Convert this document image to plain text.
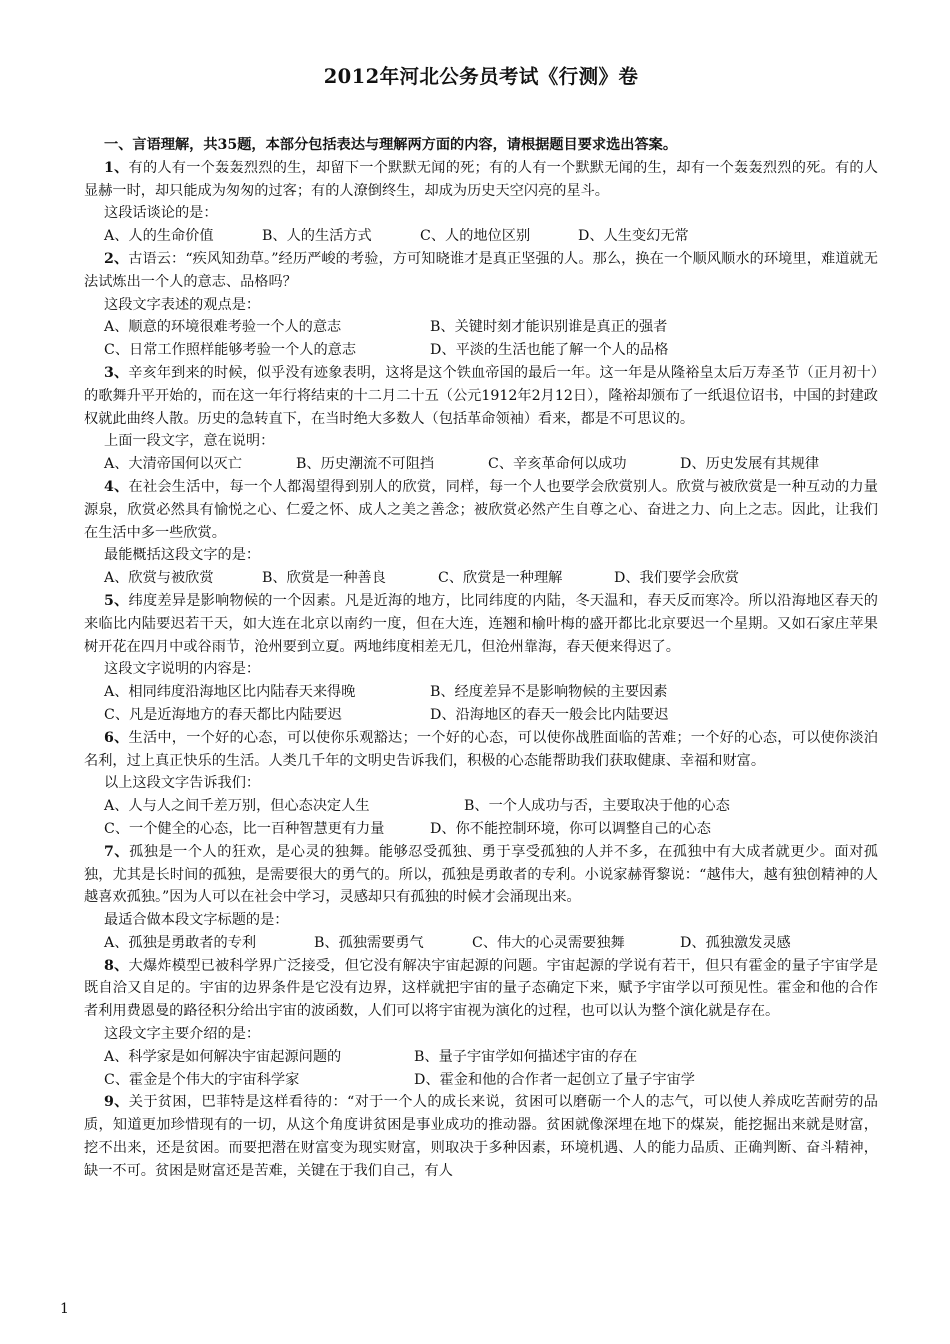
2012年河北公务员考试《行测》卷

一、言语理解，共35题，本部分包括表达与理解两方面的内容，请根据题目要求选出答案。

1、有的人有一个轰轰烈烈的生，却留下一个默默无闻的死；有的人有一个默默无闻的生，却有一个轰轰烈烈的死。有的人显赫一时，却只能成为匆匆的过客；有的人潦倒终生，却成为历史天空闪亮的星斗。

这段话谈论的是：

A、人的生命价值	B、人的生活方式	C、人的地位区别	D、人生变幻无常

2、古语云：“疾风知劲草。”经历严峻的考验，方可知晓谁才是真正坚强的人。那么，换在一个顺风顺水的环境里，难道就无法试炼出一个人的意志、品格吗？

这段文字表述的观点是：

A、顺意的环境很难考验一个人的意志	B、关键时刻才能识别谁是真正的强者

C、日常工作照样能够考验一个人的意志	D、平淡的生活也能了解一个人的品格

3、辛亥年到来的时候，似乎没有迹象表明，这将是这个铁血帝国的最后一年。这一年是从隆裕皇太后万寿圣节（正月初十）的歌舞升平开始的，而在这一年行将结束的十二月二十五（公元1912年2月12日），隆裕却颁布了一纸退位诏书，中国的封建政权就此曲终人散。历史的急转直下，在当时绝大多数人（包括革命领袖）看来，都是不可思议的。

上面一段文字，意在说明：

A、大清帝国何以灭亡	B、历史潮流不可阻挡	C、辛亥革命何以成功	D、历史发展有其规律

4、在社会生活中，每一个人都渴望得到别人的欣赏，同样，每一个人也要学会欣赏别人。欣赏与被欣赏是一种互动的力量源泉，欣赏必然具有愉悦之心、仁爱之怀、成人之美之善念；被欣赏必然产生自尊之心、奋进之力、向上之志。因此，让我们在生活中多一些欣赏。

最能概括这段文字的是：

A、欣赏与被欣赏	B、欣赏是一种善良	C、欣赏是一种理解	D、我们要学会欣赏

5、纬度差异是影响物候的一个因素。凡是近海的地方，比同纬度的内陆，冬天温和，春天反而寒冷。所以沿海地区春天的来临比内陆要迟若干天，如大连在北京以南约一度，但在大连，连翘和榆叶梅的盛开都比北京要迟一个星期。又如石家庄苹果树开花在四月中或谷雨节，沧州要到立夏。两地纬度相差无几，但沧州靠海，春天便来得迟了。

这段文字说明的内容是：

A、相同纬度沿海地区比内陆春天来得晚	B、经度差异不是影响物候的主要因素

C、凡是近海地方的春天都比内陆要迟	D、沿海地区的春天一般会比内陆要迟

6、生活中，一个好的心态，可以使你乐观豁达；一个好的心态，可以使你战胜面临的苦难；一个好的心态，可以使你淡泊名利，过上真正快乐的生活。人类几千年的文明史告诉我们，积极的心态能帮助我们获取健康、幸福和财富。

以上这段文字告诉我们：

A、人与人之间千差万别，但心态决定人生	B、一个人成功与否，主要取决于他的心态

C、一个健全的心态，比一百种智慧更有力量	D、你不能控制环境，你可以调整自己的心态

7、孤独是一个人的狂欢，是心灵的独舞。能够忍受孤独、勇于享受孤独的人并不多，在孤独中有大成者就更少。面对孤独，尤其是长时间的孤独，是需要很大的勇气的。所以，孤独是勇敢者的专利。小说家赫胥黎说：“越伟大，越有独创精神的人越喜欢孤独。”因为人可以在社会中学习，灵感却只有孤独的时候才会涌现出来。

最适合做本段文字标题的是：

A、孤独是勇敢者的专利	B、孤独需要勇气	C、伟大的心灵需要独舞	D、孤独激发灵感

8、大爆炸模型已被科学界广泛接受，但它没有解决宇宙起源的问题。宇宙起源的学说有若干，但只有霍金的量子宇宙学是既自洽又自足的。宇宙的边界条件是它没有边界，这样就把宇宙的量子态确定下来，赋予宇宙学以可预见性。霍金和他的合作者利用费恩曼的路径积分给出宇宙的波函数，人们可以将宇宙视为演化的过程，也可以认为整个演化就是存在。

这段文字主要介绍的是：

A、科学家是如何解决宇宙起源问题的	B、量子宇宙学如何描述宇宙的存在

C、霍金是个伟大的宇宙科学家	D、霍金和他的合作者一起创立了量子宇宙学

9、关于贫困，巴菲特是这样看待的：“对于一个人的成长来说，贫困可以磨砺一个人的志气，可以使人养成吃苦耐劳的品质，知道更加珍惜现有的一切，从这个角度讲贫困是事业成功的推动器。贫困就像深埋在地下的煤炭，能挖掘出来就是财富，挖不出来，还是贫困。而要把潜在财富变为现实财富，则取决于多种因素，环境机遇、人的能力品质、正确判断、奋斗精神，缺一不可。贫困是财富还是苦难，关键在于我们自己，有人

1
